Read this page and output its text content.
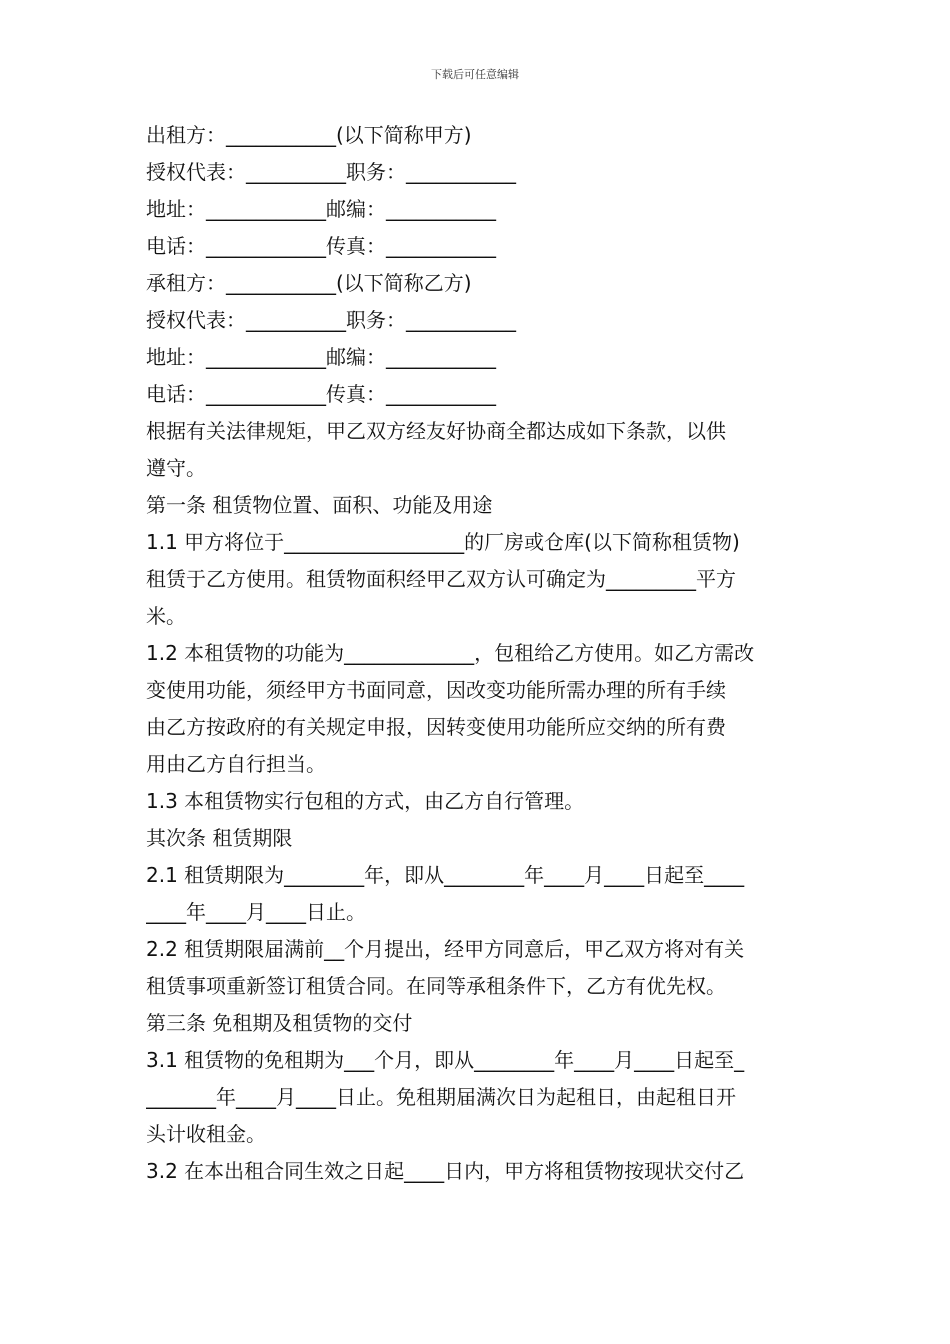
下载后可任意编辑
出租方：___________(以下简称甲方)
授权代表：__________职务：___________
地址：____________邮编：___________
电话：____________传真：___________
承租方：___________(以下简称乙方)
授权代表：__________职务：___________
地址：____________邮编：___________
电话：____________传真：___________
根据有关法律规矩，甲乙双方经友好协商全都达成如下条款，以供
遵守。
第一条 租赁物位置、面积、功能及用途
1.1 甲方将位于__________________的厂房或仓库(以下简称租赁物)
租赁于乙方使用。租赁物面积经甲乙双方认可确定为_________平方
米。
1.2 本租赁物的功能为_____________，包租给乙方使用。如乙方需改
变使用功能，须经甲方书面同意，因改变功能所需办理的所有手续
由乙方按政府的有关规定申报，因转变使用功能所应交纳的所有费
用由乙方自行担当。
1.3 本租赁物实行包租的方式，由乙方自行管理。
其次条 租赁期限
2.1 租赁期限为________年，即从________年____月____日起至____
____年____月____日止。
2.2 租赁期限届满前__个月提出，经甲方同意后，甲乙双方将对有关
租赁事项重新签订租赁合同。在同等承租条件下，乙方有优先权。
第三条 免租期及租赁物的交付
3.1 租赁物的免租期为___个月，即从________年____月____日起至_
_______年____月____日止。免租期届满次日为起租日，由起租日开
头计收租金。
3.2 在本出租合同生效之日起____日内，甲方将租赁物按现状交付乙
